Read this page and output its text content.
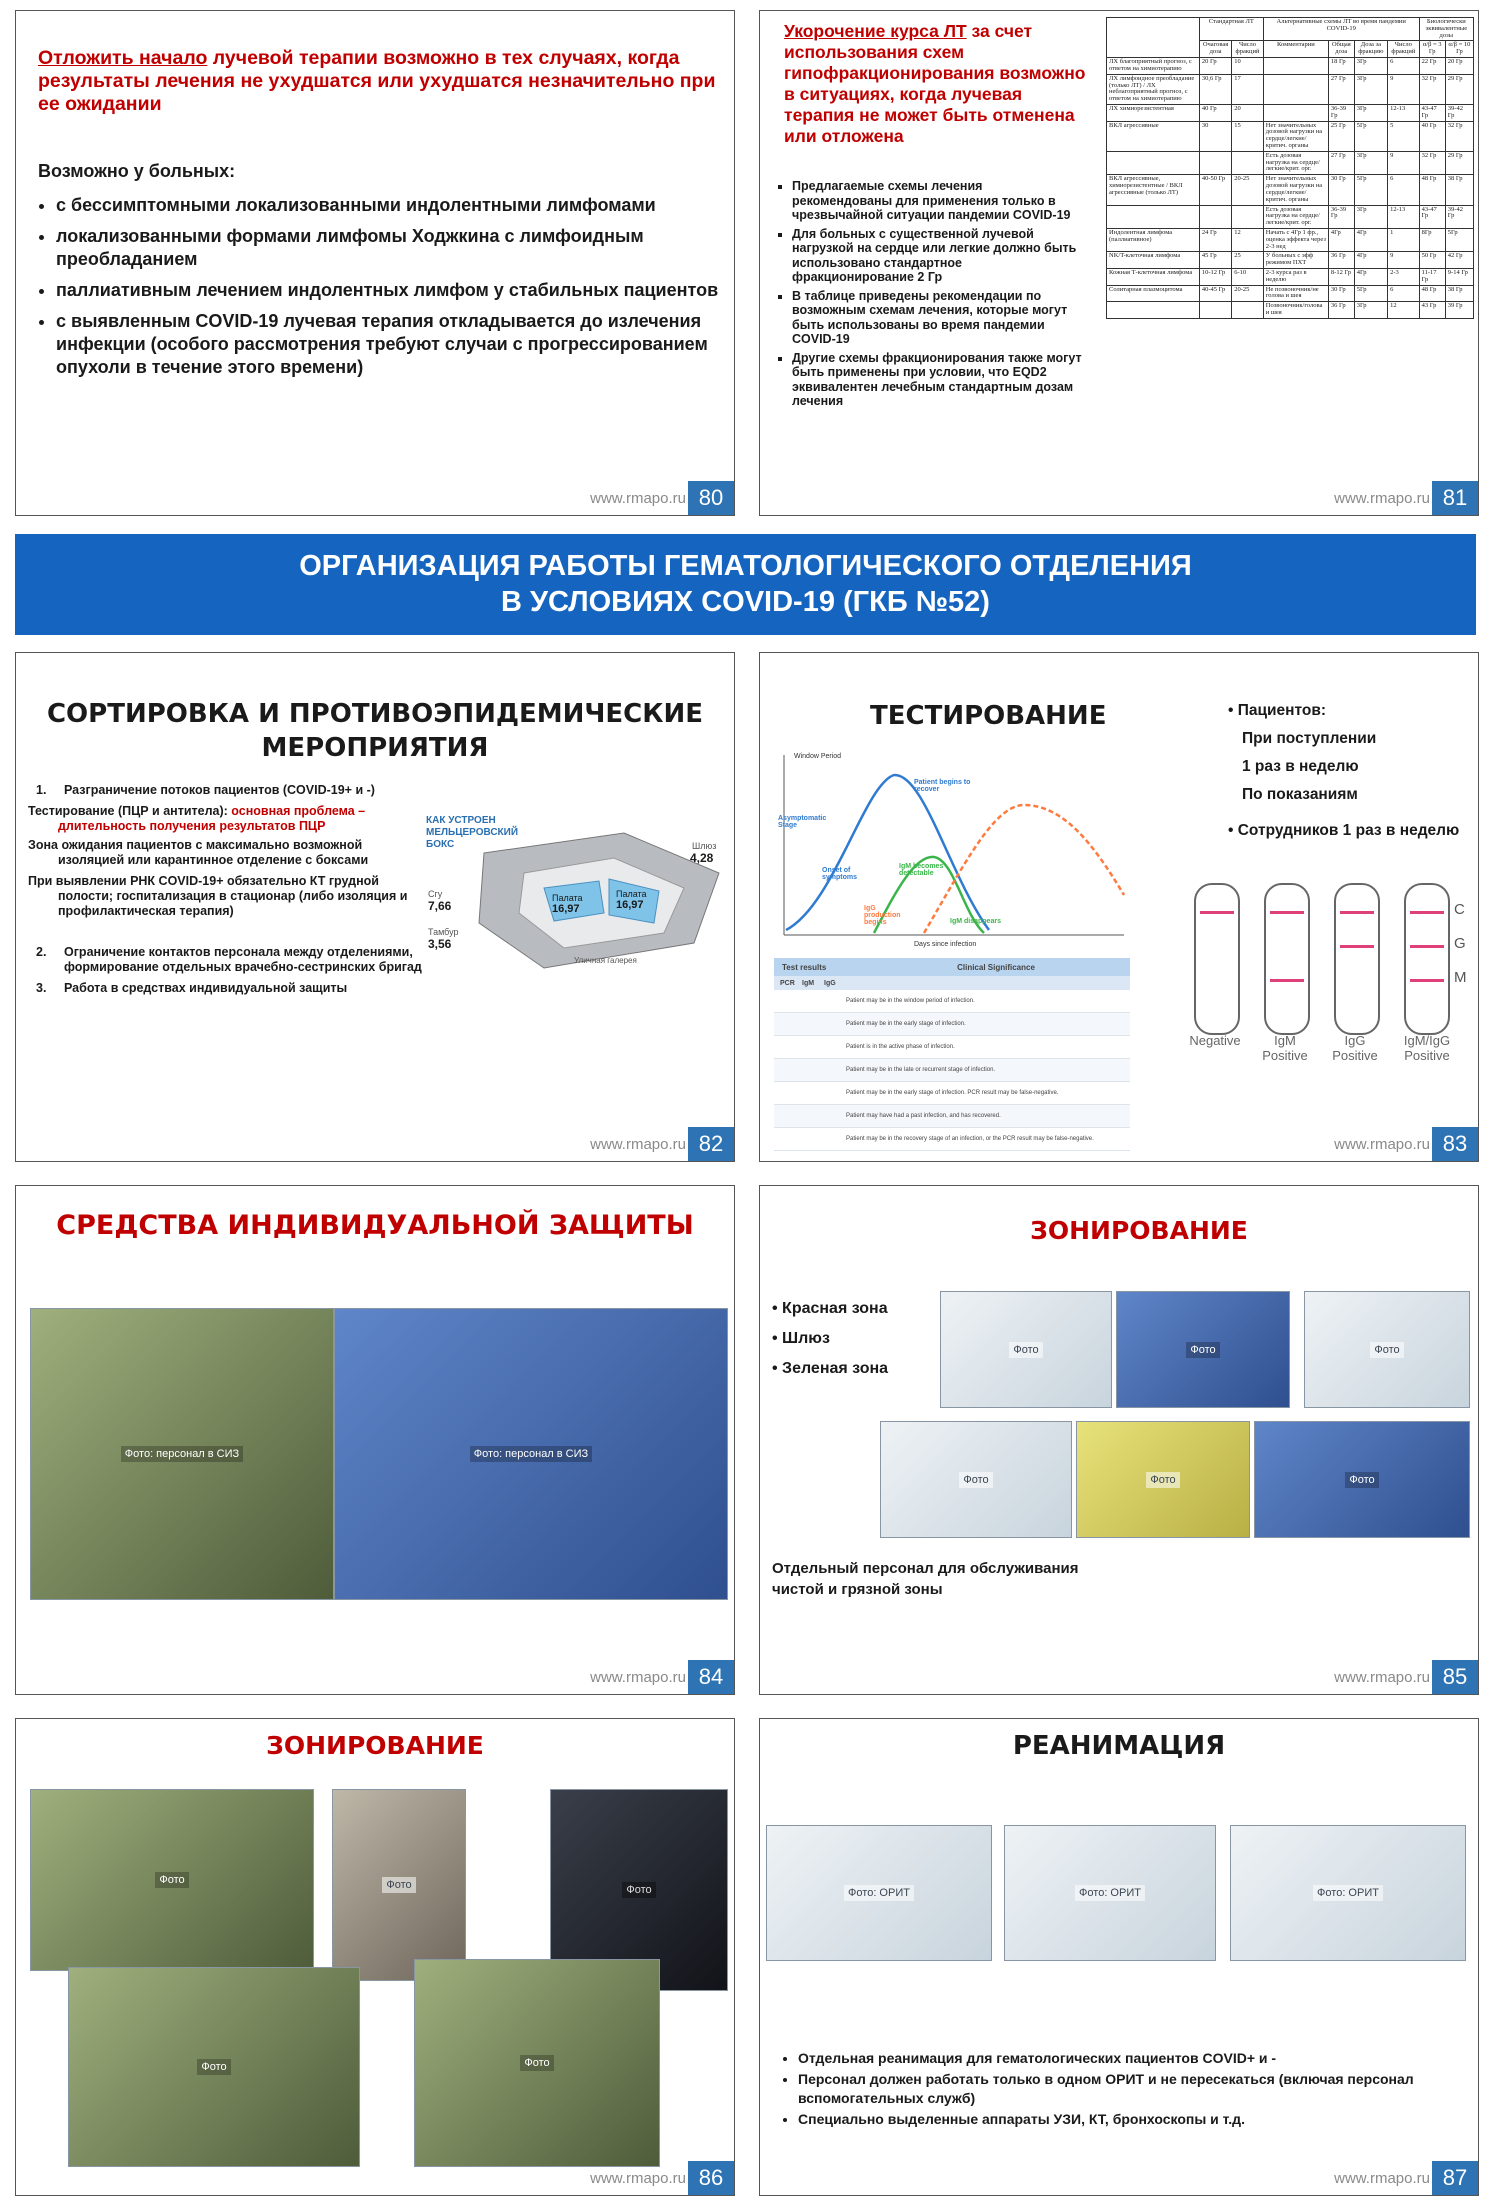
Отложить начало лучевой терапии возможно в тех случаях, когда результаты лечения не ухудшатся или ухудшатся незначительно при ее ожидании
Возможно у больных:
• с бессимптомными локализованными индолентными лимфомами
• локализованными формами лимфомы Ходжкина с лимфоидным преобладанием
• паллиативным лечением индолентных лимфом у стабильных пациентов
• с выявленным COVID-19 лучевая терапия откладывается до излечения инфекции (особого рассмотрения требуют случаи с прогрессированием опухоли в течение этого времени)
www.rmapo.ru 80
Укорочение курса ЛТ за счет использования схем гипофракционирования возможно в ситуациях, когда лучевая терапия не может быть отменена или отложена
▪ Предлагаемые схемы лечения рекомендованы для применения только в чрезвычайной ситуации пандемии COVID-19
▪ Для больных с существенной лучевой нагрузкой на сердце или легкие должно быть использовано стандартное фракционирование 2 Гр
▪ В таблице приведены рекомендации по возможным схемам лечения, которые могут быть использованы во время пандемии COVID-19
▪ Другие схемы фракционирования также могут быть применены при условии, что EQD2 эквивалентен лечебным стандартным дозам лечения
	Стандартная ЛТ		Альтернативные схемы ЛТ во время пандемии COVID-19				Биологически эквивалентные дозы	
	Очаговая доза	Число фракций	Комментарии	Общая доза	Доза за фракцию	Число фракций	α/β = 3 Гр	α/β = 10 Гр
ЛХ благоприятный прогноз, с ответом на химиотерапию	20 Гр	10		18 Гр	3Гр	6	22 Гр	20 Гр
ЛХ лимфоидное преобладание (только ЛТ) / ЛХ неблагоприятный прогноз, с ответом на химиотерапию	30,6 Гр	17		27 Гр	3Гр	9	32 Гр	29 Гр
ЛХ химиорезистентная	40 Гр	20		36-39 Гр	3Гр	12-13	43-47 Гр	39-42 Гр
ВКЛ агрессивные	30	15	Нет значительных дозовой нагрузки на сердце/легкие/критич. органы	25 Гр	5Гр	5	40 Гр	32 Гр
			Есть дозовая нагрузка на сердце/легкие/крит. орг.	27 Гр	3Гр	9	32 Гр	29 Гр
ВКЛ агрессивные, химиорезистентные / ВКЛ агрессивные (только ЛТ)	40-50 Гр	20-25	Нет значительных дозовой нагрузки на сердце/легкие/критич. органы	30 Гр	5Гр	6	48 Гр	38 Гр
			Есть дозовая нагрузка на сердце/легкие/крит. орг.	36-39 Гр	3Гр	12-13	43-47 Гр	39-42 Гр
Индолентная лимфома (паллиативное)	24 Гр	12	Начать с 4Гр 1 фр., оценка эффекта через 2-3 нед	4Гр	4Гр	1	8Гр	5Гр
NK/T-клеточная лимфома	45 Гр	25	У больных с эфф режимом ПХТ	36 Гр	4Гр	9	50 Гр	42 Гр
Кожная Т-клеточная лимфома	10-12 Гр	6-10	2-3 курса раз в неделю	8-12 Гр	4Гр	2-3	11-17 Гр	9-14 Гр
Солитарная плазмоцитома	40-45 Гр	20-25	Не позвоночник/не голова и шея	30 Гр	5Гр	6	48 Гр	38 Гр
			Позвоночник/голова и шея	36 Гр	3Гр	12	43 Гр	39 Гр
www.rmapo.ru 81
ОРГАНИЗАЦИЯ РАБОТЫ ГЕМАТОЛОГИЧЕСКОГО ОТДЕЛЕНИЯ
В УСЛОВИЯХ COVID-19 (ГКБ №52)
СОРТИРОВКА И ПРОТИВОЭПИДЕМИЧЕСКИЕ
МЕРОПРИЯТИЯ
1. Разграничение потоков пациентов (COVID-19+ и -)
Тестирование (ПЦР и антитела): основная проблема – длительность получения результатов ПЦР
Зона ожидания пациентов с максимально возможной изоляцией или карантинное отделение с боксами
При выявлении РНК COVID-19+ обязательно КТ грудной полости; госпитализация в стационар (либо изоляция и профилактическая терапия)
2.	Ограничение контактов персонала между отделениями, формирование отдельных врачебно-сестринских бригад
3.	Работа в средствах индивидуальной защиты
КАК УСТРОЕН МЕЛЬЦЕРОВСКИЙ БОКС	Шлюз
4,28
Сгу
7,66
Тамбур
3,56
Палата
16,97
Палата
16,97
Уличная галерея
www.rmapo.ru 82
ТЕСТИРОВАНИЕ
Window Period
Asymptomatic Stage
Patient begins to recover
Onset of symptoms
IgM becomes detectable
IgG production begins	IgM disappears
Days since infection
Test results	Clinical Significance
PCR	IgM	IgG
Patient may be in the window period of infection.
Patient may be in the early stage of infection.
Patient is in the active phase of infection.
Patient may be in the late or recurrent stage of infection.
Patient may be in the early stage of infection. PCR result may be false-negative.
Patient may have had a past infection, and has recovered.
Patient may be in the recovery stage of an infection, or the PCR result may be false-negative.
• Пациентов:
При поступлении
1 раз в неделю
По показаниям
• Сотрудников 1 раз в неделю
C
G
M
Negative	IgM Positive
IgG Positive
IgM/IgG Positive
www.rmapo.ru 83
СРЕДСТВА ИНДИВИДУАЛЬНОЙ ЗАЩИТЫ
Фото: персонал в СИЗ	Фото: персонал в СИЗ
www.rmapo.ru 84
ЗОНИРОВАНИЕ
• Красная зона
• Шлюз
• Зеленая зона
Фото	Фото	Фото
Фото	Фото	Фото
Отдельный персонал для обслуживания чистой и грязной зоны
www.rmapo.ru 85
ЗОНИРОВАНИЕ
Фото	Фото	Фото
Фото	Фото
www.rmapo.ru 86
РЕАНИМАЦИЯ
Фото: ОРИТ	Фото: ОРИТ	Фото: ОРИТ
• Отдельная реанимация для гематологических пациентов COVID+ и -
• Персонал должен работать только в одном ОРИТ и не пересекаться (включая персонал вспомогательных служб)
• Специально выделенные аппараты УЗИ, КТ, бронхоскопы и т.д.
www.rmapo.ru 87
